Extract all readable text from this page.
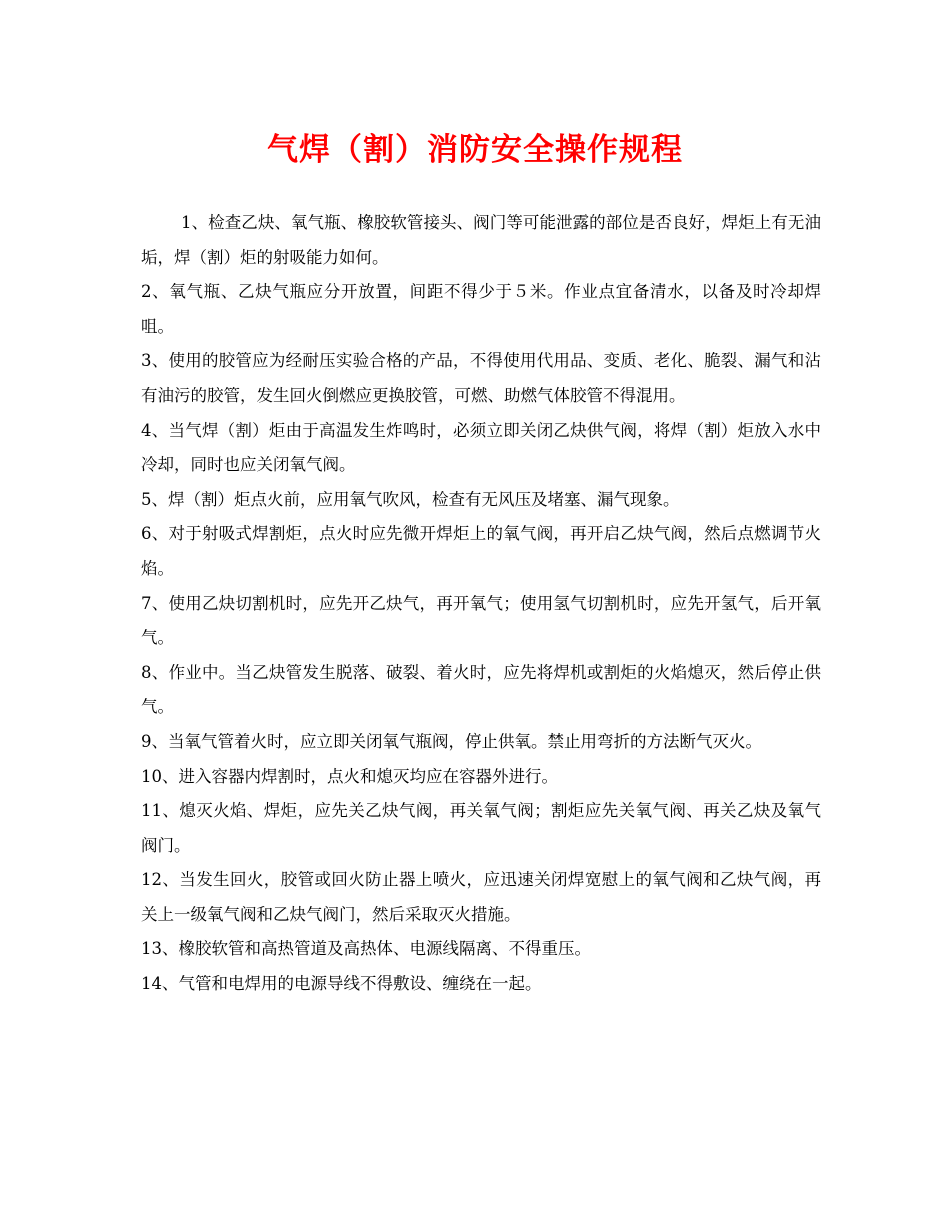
气焊（割）消防安全操作规程

1、检查乙炔、氧气瓶、橡胶软管接头、阀门等可能泄露的部位是否良好，焊炬上有无油垢，焊（割）炬的射吸能力如何。

2、氧气瓶、乙炔气瓶应分开放置，间距不得少于５米。作业点宜备清水，以备及时冷却焊咀。

3、使用的胶管应为经耐压实验合格的产品，不得使用代用品、变质、老化、脆裂、漏气和沾有油污的胶管，发生回火倒燃应更换胶管，可燃、助燃气体胶管不得混用。

4、当气焊（割）炬由于高温发生炸鸣时，必须立即关闭乙炔供气阀，将焊（割）炬放入水中冷却，同时也应关闭氧气阀。

5、焊（割）炬点火前，应用氧气吹风，检查有无风压及堵塞、漏气现象。

6、对于射吸式焊割炬，点火时应先微开焊炬上的氧气阀，再开启乙炔气阀，然后点燃调节火焰。

7、使用乙炔切割机时，应先开乙炔气，再开氧气；使用氢气切割机时，应先开氢气，后开氧气。

8、作业中。当乙炔管发生脱落、破裂、着火时，应先将焊机或割炬的火焰熄灭，然后停止供气。

9、当氧气管着火时，应立即关闭氧气瓶阀，停止供氧。禁止用弯折的方法断气灭火。

10、进入容器内焊割时，点火和熄灭均应在容器外进行。

11、熄灭火焰、焊炬，应先关乙炔气阀，再关氧气阀；割炬应先关氧气阀、再关乙炔及氧气阀门。

12、当发生回火，胶管或回火防止器上喷火，应迅速关闭焊宽慰上的氧气阀和乙炔气阀，再关上一级氧气阀和乙炔气阀门，然后采取灭火措施。

13、橡胶软管和高热管道及高热体、电源线隔离、不得重压。

14、气管和电焊用的电源导线不得敷设、缠绕在一起。
